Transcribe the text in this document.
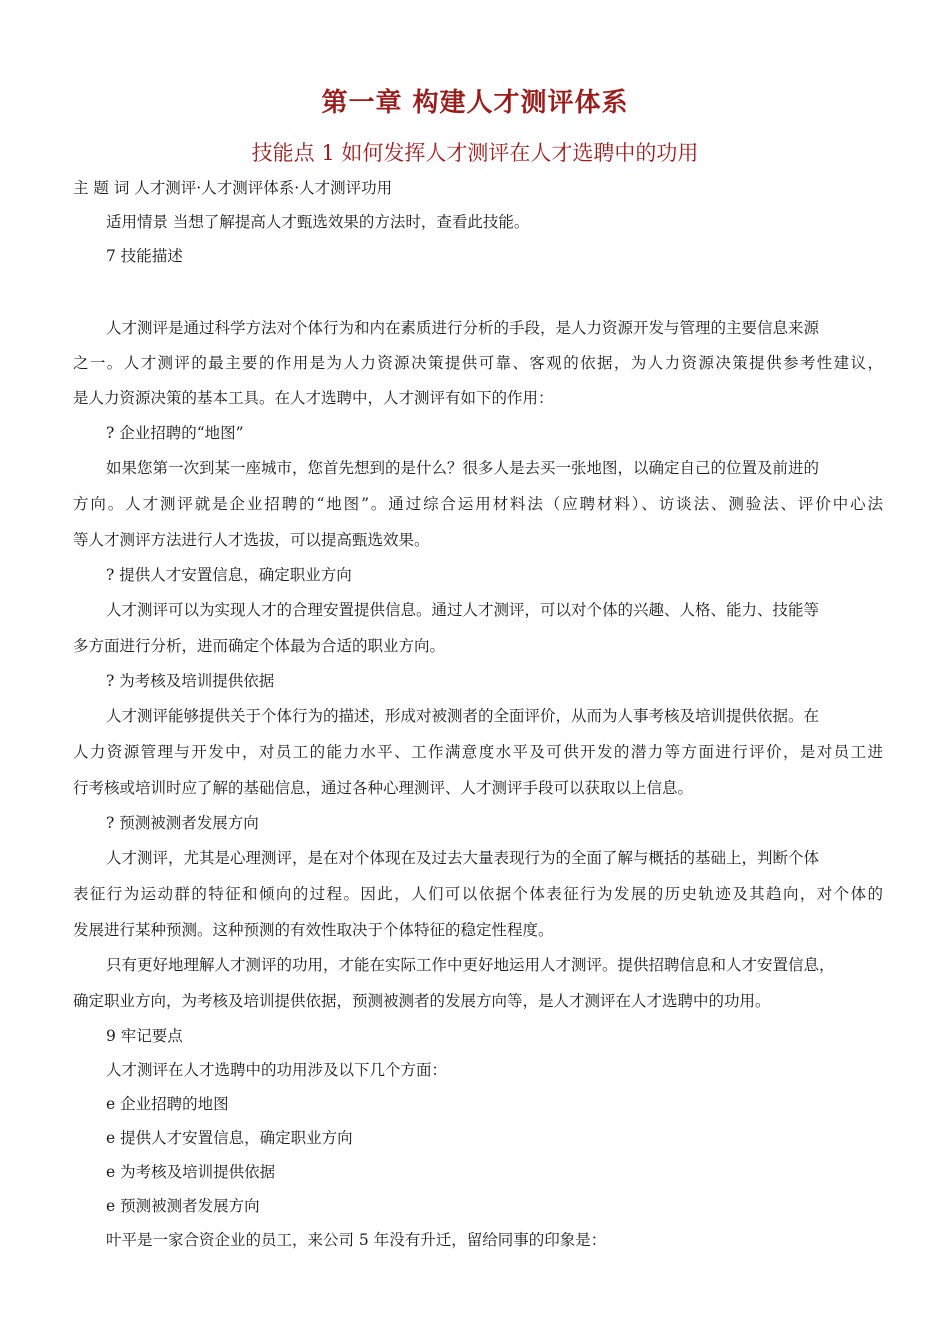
第一章 构建人才测评体系
技能点 1 如何发挥人才测评在人才选聘中的功用
主 题 词 人才测评·人才测评体系·人才测评功用
适用情景 当想了解提高人才甄选效果的方法时，查看此技能。
7 技能描述
人才测评是通过科学方法对个体行为和内在素质进行分析的手段，是人力资源开发与管理的主要信息来源
之一。人才测评的最主要的作用是为人力资源决策提供可靠、客观的依据，为人力资源决策提供参考性建议，
是人力资源决策的基本工具。在人才选聘中，人才测评有如下的作用：
? 企业招聘的“地图”
如果您第一次到某一座城市，您首先想到的是什么？很多人是去买一张地图，以确定自己的位置及前进的
方向。人才测评就是企业招聘的“地图”。通过综合运用材料法（应聘材料）、访谈法、测验法、评价中心法
等人才测评方法进行人才选拔，可以提高甄选效果。
? 提供人才安置信息，确定职业方向
人才测评可以为实现人才的合理安置提供信息。通过人才测评，可以对个体的兴趣、人格、能力、技能等
多方面进行分析，进而确定个体最为合适的职业方向。
? 为考核及培训提供依据
人才测评能够提供关于个体行为的描述，形成对被测者的全面评价，从而为人事考核及培训提供依据。在
人力资源管理与开发中，对员工的能力水平、工作满意度水平及可供开发的潜力等方面进行评价，是对员工进
行考核或培训时应了解的基础信息，通过各种心理测评、人才测评手段可以获取以上信息。
? 预测被测者发展方向
人才测评，尤其是心理测评，是在对个体现在及过去大量表现行为的全面了解与概括的基础上，判断个体
表征行为运动群的特征和倾向的过程。因此，人们可以依据个体表征行为发展的历史轨迹及其趋向，对个体的
发展进行某种预测。这种预测的有效性取决于个体特征的稳定性程度。
只有更好地理解人才测评的功用，才能在实际工作中更好地运用人才测评。提供招聘信息和人才安置信息，
确定职业方向，为考核及培训提供依据，预测被测者的发展方向等，是人才测评在人才选聘中的功用。
9 牢记要点
人才测评在人才选聘中的功用涉及以下几个方面：
e 企业招聘的地图
e 提供人才安置信息，确定职业方向
e 为考核及培训提供依据
e 预测被测者发展方向
叶平是一家合资企业的员工，来公司 5 年没有升迁，留给同事的印象是：
